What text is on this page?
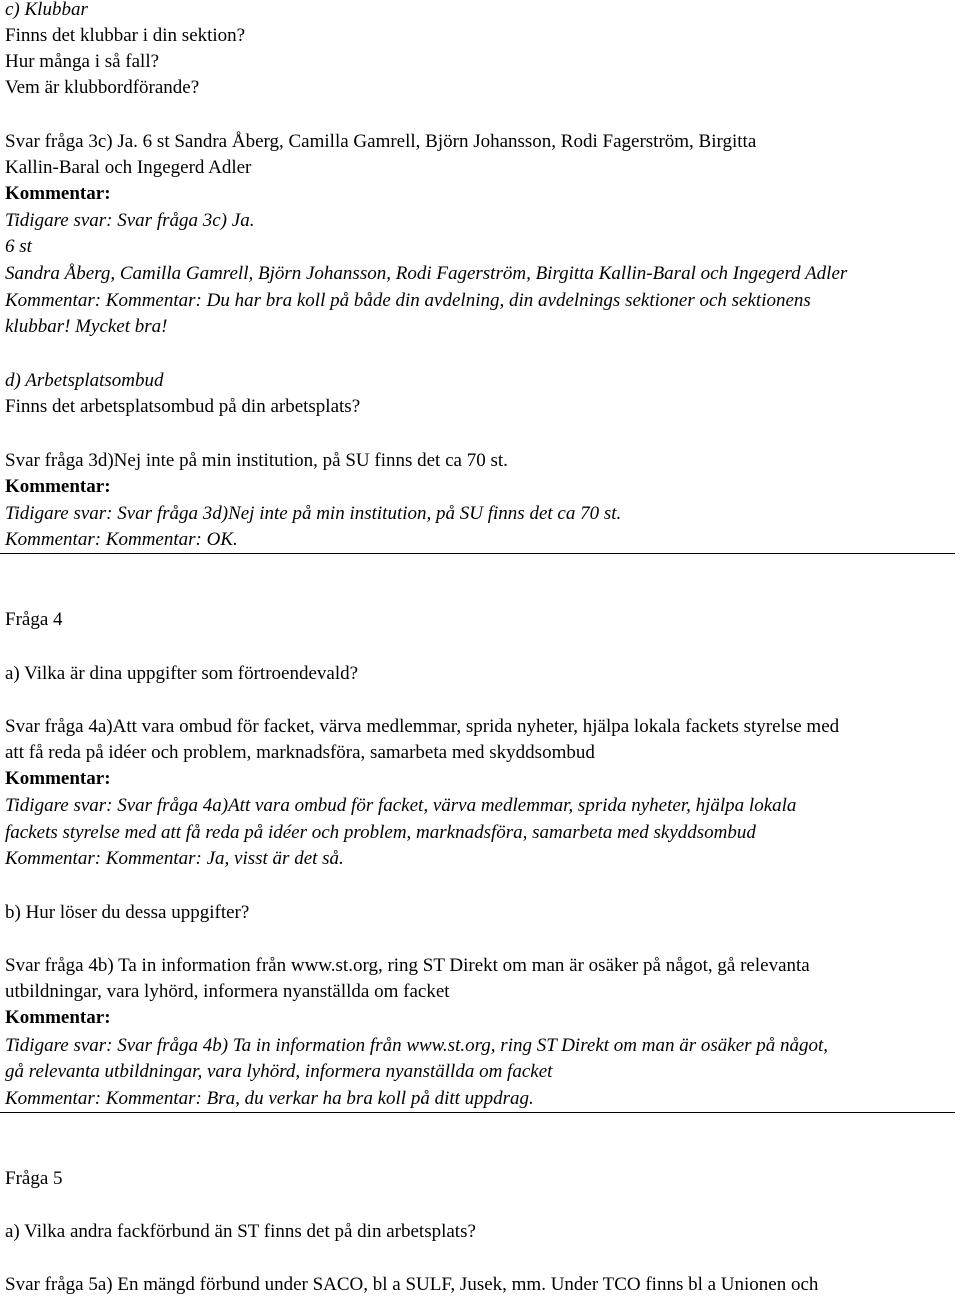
c) Klubbar
Finns det klubbar i din sektion?
Hur många i så fall?
Vem är klubbordförande?
Svar fråga 3c) Ja. 6 st Sandra Åberg, Camilla Gamrell, Björn Johansson, Rodi Fagerström, Birgitta
Kallin-Baral och Ingegerd Adler
Kommentar:
Tidigare svar: Svar fråga 3c) Ja.
6 st
Sandra Åberg, Camilla Gamrell, Björn Johansson, Rodi Fagerström, Birgitta Kallin-Baral och Ingegerd Adler
Kommentar: Kommentar: Du har bra koll på både din avdelning, din avdelnings sektioner och sektionens
klubbar! Mycket bra!
d) Arbetsplatsombud
Finns det arbetsplatsombud på din arbetsplats?
Svar fråga 3d)Nej inte på min institution, på SU finns det ca 70 st.
Kommentar:
Tidigare svar: Svar fråga 3d)Nej inte på min institution, på SU finns det ca 70 st.
Kommentar: Kommentar: OK.
Fråga 4
a) Vilka är dina uppgifter som förtroendevald?
Svar fråga 4a)Att vara ombud för facket, värva medlemmar, sprida nyheter, hjälpa lokala fackets styrelse med
att få reda på idéer och problem, marknadsföra, samarbeta med skyddsombud
Kommentar:
Tidigare svar: Svar fråga 4a)Att vara ombud för facket, värva medlemmar, sprida nyheter, hjälpa lokala
fackets styrelse med att få reda på idéer och problem, marknadsföra, samarbeta med skyddsombud
Kommentar: Kommentar: Ja, visst är det så.
b) Hur löser du dessa uppgifter?
Svar fråga 4b) Ta in information från www.st.org, ring ST Direkt om man är osäker på något, gå relevanta
utbildningar, vara lyhörd, informera nyanställda om facket
Kommentar:
Tidigare svar: Svar fråga 4b) Ta in information från www.st.org, ring ST Direkt om man är osäker på något,
gå relevanta utbildningar, vara lyhörd, informera nyanställda om facket
Kommentar: Kommentar: Bra, du verkar ha bra koll på ditt uppdrag.
Fråga 5
a) Vilka andra fackförbund än ST finns det på din arbetsplats?
Svar fråga 5a) En mängd förbund under SACO, bl a SULF, Jusek, mm. Under TCO finns bl a Unionen och
